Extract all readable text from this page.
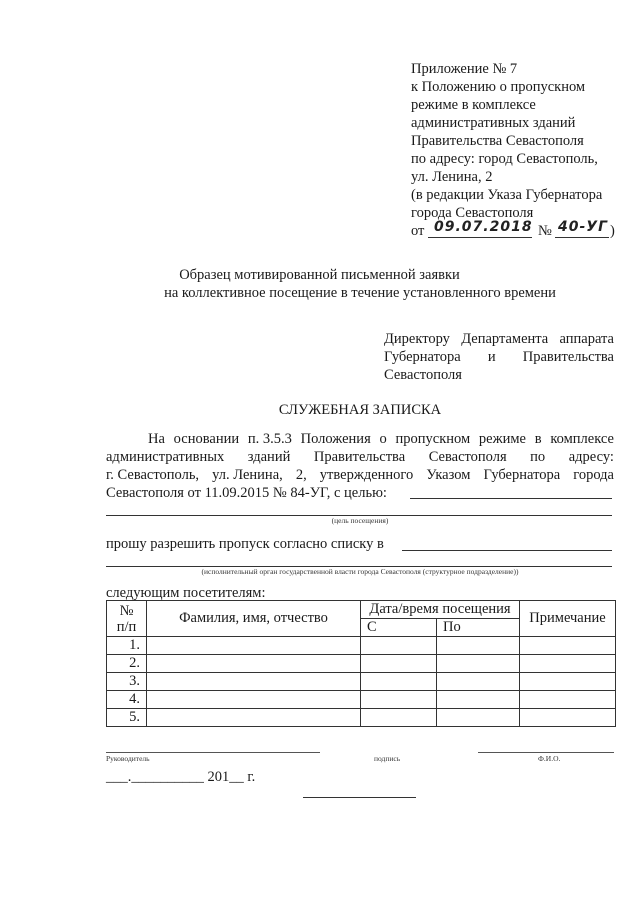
Приложение № 7
к Положению о пропускном
режиме в комплексе
административных зданий
Правительства Севастополя
по адресу: город Севастополь,
ул. Ленина, 2
(в редакции Указа Губернатора
города Севастополя
от 09.07.2018 № 40-УГ )
Образец мотивированной письменной заявки
на коллективное посещение в течение установленного времени
Директору Департамента аппарата
Губернатора и Правительства
Севастополя
СЛУЖЕБНАЯ ЗАПИСКА
На основании п. 3.5.3 Положения о пропускном режиме в комплексе
административных зданий Правительства Севастополя по адресу:
г. Севастополь, ул. Ленина, 2, утвержденного Указом Губернатора города
Севастополя от 11.09.2015 № 84-УГ, с целью:
(цель посещения)
прошу разрешить пропуск согласно списку в
(исполнительный орган государственной власти города Севастополя (структурное подразделение))
следующим посетителям:
№
п/п	Фамилия, имя, отчество	Дата/время посещения		Примечание
		С	По	
1.				
2.				
3.				
4.				
5.				
Руководитель	подпись	Ф.И.О.
___.__________ 201__ г.
